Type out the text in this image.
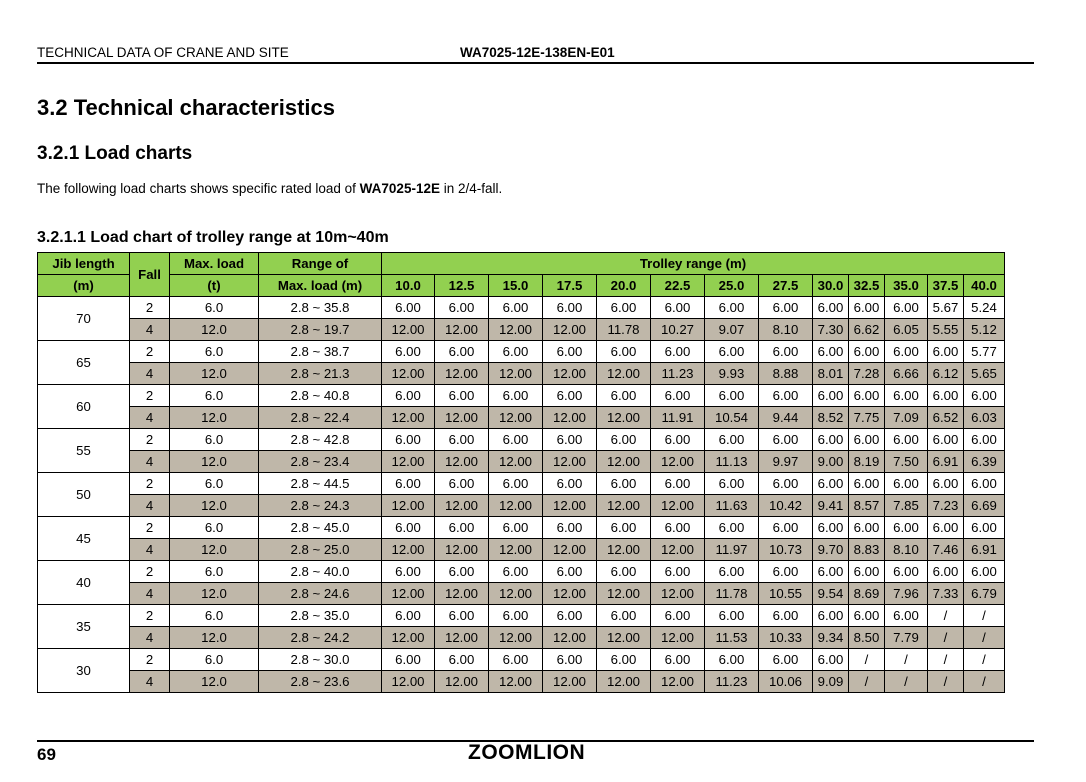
TECHNICAL DATA OF CRANE AND SITE	WA7025-12E-138EN-E01
3.2 Technical characteristics
3.2.1 Load charts
The following load charts shows specific rated load of WA7025-12E in 2/4-fall.
3.2.1.1 Load chart of trolley range at 10m~40m
Jib length	Fall	Max. load	Range of	Trolley range (m)												
(m)		(t)	Max. load (m)	10.0	12.5	15.0	17.5	20.0	22.5	25.0	27.5	30.0	32.5	35.0	37.5	40.0
70	2	6.0	2.8 ~ 35.8	6.00	6.00	6.00	6.00	6.00	6.00	6.00	6.00	6.00	6.00	6.00	5.67	5.24
	4	12.0	2.8 ~ 19.7	12.00	12.00	12.00	12.00	11.78	10.27	9.07	8.10	7.30	6.62	6.05	5.55	5.12
65	2	6.0	2.8 ~ 38.7	6.00	6.00	6.00	6.00	6.00	6.00	6.00	6.00	6.00	6.00	6.00	6.00	5.77
	4	12.0	2.8 ~ 21.3	12.00	12.00	12.00	12.00	12.00	11.23	9.93	8.88	8.01	7.28	6.66	6.12	5.65
60	2	6.0	2.8 ~ 40.8	6.00	6.00	6.00	6.00	6.00	6.00	6.00	6.00	6.00	6.00	6.00	6.00	6.00
	4	12.0	2.8 ~ 22.4	12.00	12.00	12.00	12.00	12.00	11.91	10.54	9.44	8.52	7.75	7.09	6.52	6.03
55	2	6.0	2.8 ~ 42.8	6.00	6.00	6.00	6.00	6.00	6.00	6.00	6.00	6.00	6.00	6.00	6.00	6.00
	4	12.0	2.8 ~ 23.4	12.00	12.00	12.00	12.00	12.00	12.00	11.13	9.97	9.00	8.19	7.50	6.91	6.39
50	2	6.0	2.8 ~ 44.5	6.00	6.00	6.00	6.00	6.00	6.00	6.00	6.00	6.00	6.00	6.00	6.00	6.00
	4	12.0	2.8 ~ 24.3	12.00	12.00	12.00	12.00	12.00	12.00	11.63	10.42	9.41	8.57	7.85	7.23	6.69
45	2	6.0	2.8 ~ 45.0	6.00	6.00	6.00	6.00	6.00	6.00	6.00	6.00	6.00	6.00	6.00	6.00	6.00
	4	12.0	2.8 ~ 25.0	12.00	12.00	12.00	12.00	12.00	12.00	11.97	10.73	9.70	8.83	8.10	7.46	6.91
40	2	6.0	2.8 ~ 40.0	6.00	6.00	6.00	6.00	6.00	6.00	6.00	6.00	6.00	6.00	6.00	6.00	6.00
	4	12.0	2.8 ~ 24.6	12.00	12.00	12.00	12.00	12.00	12.00	11.78	10.55	9.54	8.69	7.96	7.33	6.79
35	2	6.0	2.8 ~ 35.0	6.00	6.00	6.00	6.00	6.00	6.00	6.00	6.00	6.00	6.00	6.00	/	/
	4	12.0	2.8 ~ 24.2	12.00	12.00	12.00	12.00	12.00	12.00	11.53	10.33	9.34	8.50	7.79	/	/
30	2	6.0	2.8 ~ 30.0	6.00	6.00	6.00	6.00	6.00	6.00	6.00	6.00	6.00	/	/	/	/
	4	12.0	2.8 ~ 23.6	12.00	12.00	12.00	12.00	12.00	12.00	11.23	10.06	9.09	/	/	/	/
69	ZOOMLION
